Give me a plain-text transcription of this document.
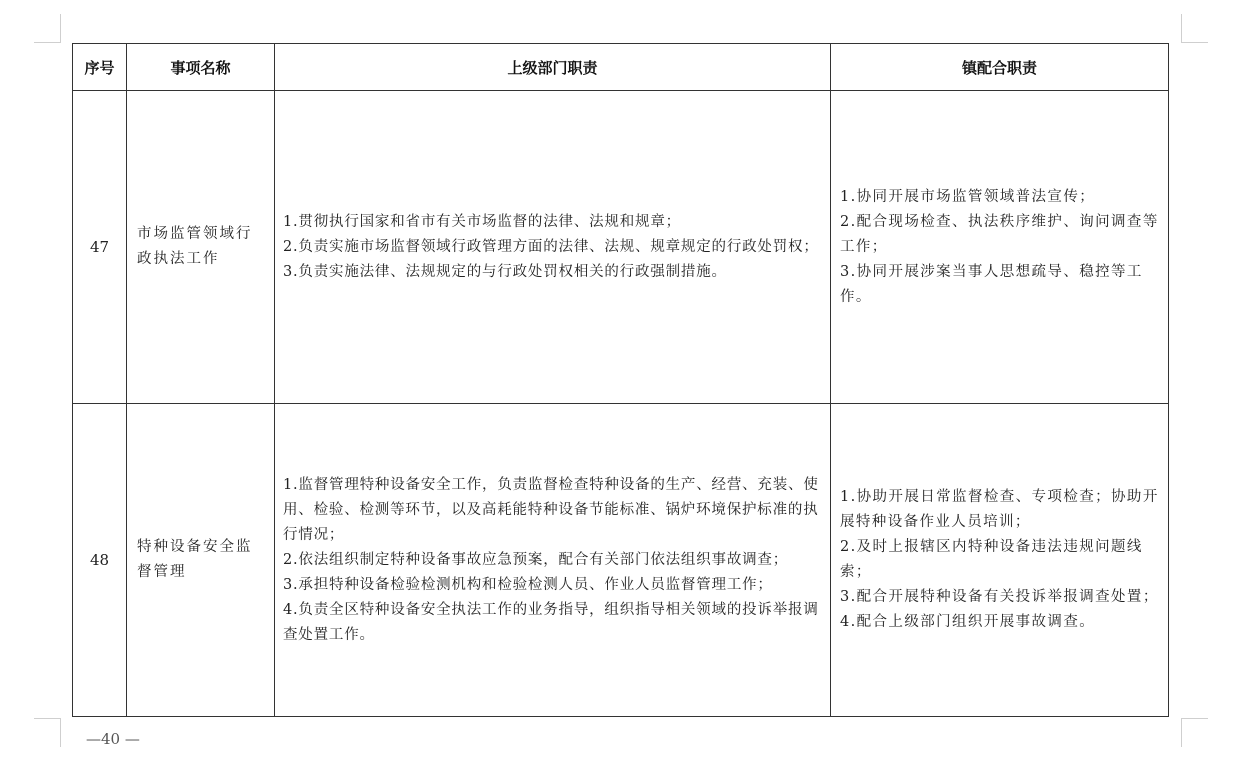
序号	事项名称	上级部门职责	镇配合职责
47	市场监管领域行政执法工作	1.贯彻执行国家和省市有关市场监督的法律、法规和规章；
2.负责实施市场监督领域行政管理方面的法律、法规、规章规定的行政处罚权；
3.负责实施法律、法规规定的与行政处罚权相关的行政强制措施。	1.协同开展市场监管领域普法宣传；
2.配合现场检查、执法秩序维护、询问调查等工作；
3.协同开展涉案当事人思想疏导、稳控等工作。

48	特种设备安全监督管理	1.监督管理特种设备安全工作，负责监督检查特种设备的生产、经营、充装、使用、检验、检测等环节，以及高耗能特种设备节能标准、锅炉环境保护标准的执行情况；
2.依法组织制定特种设备事故应急预案，配合有关部门依法组织事故调查；
3.承担特种设备检验检测机构和检验检测人员、作业人员监督管理工作；
4.负责全区特种设备安全执法工作的业务指导，组织指导相关领域的投诉举报调查处置工作。	1.协助开展日常监督检查、专项检查；协助开展特种设备作业人员培训；
2.及时上报辖区内特种设备违法违规问题线索；
3.配合开展特种设备有关投诉举报调查处置；
4.配合上级部门组织开展事故调查。
—40 —
